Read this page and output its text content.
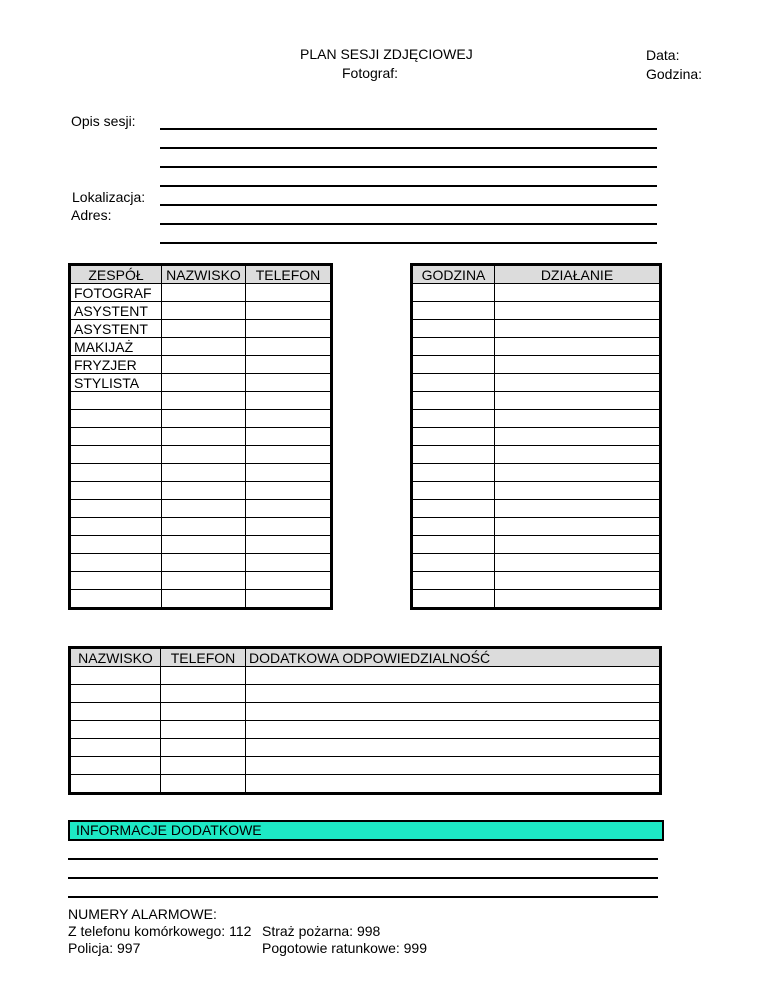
PLAN SESJI ZDJĘCIOWEJ
Fotograf:
Data:
Godzina:
Opis sesji:
Lokalizacja:
Adres:
ZESPÓŁ	NAZWISKO	TELEFON
FOTOGRAF		
ASYSTENT		
ASYSTENT		
MAKIJAŻ		
FRYZJER		
STYLISTA		

GODZINA	DZIAŁANIE

NAZWISKO	TELEFON	DODATKOWA ODPOWIEDZIALNOŚĆ

INFORMACJE DODATKOWE
NUMERY ALARMOWE:
Z telefonu komórkowego: 112 Straż pożarna: 998
Policja: 997	Pogotowie ratunkowe: 999
